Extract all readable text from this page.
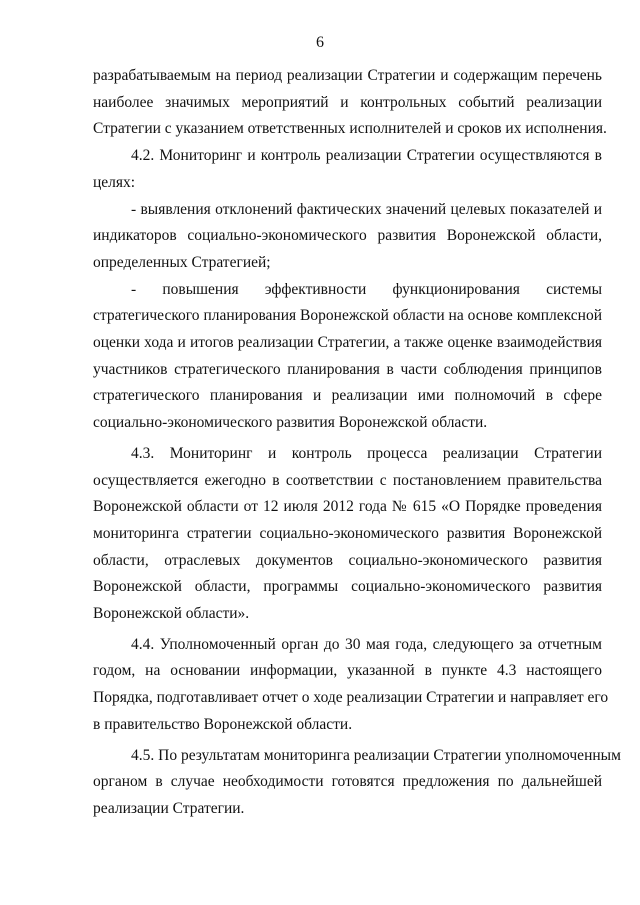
6

разрабатываемым на период реализации Стратегии и содержащим перечень
наиболее значимых мероприятий и контрольных событий реализации
Стратегии с указанием ответственных исполнителей и сроков их исполнения.

4.2. Мониторинг и контроль реализации Стратегии осуществляются в
целях:

- выявления отклонений фактических значений целевых показателей и
индикаторов социально-экономического развития Воронежской области,
определенных Стратегией;

- повышения эффективности функционирования системы
стратегического планирования Воронежской области на основе комплексной
оценки хода и итогов реализации Стратегии, а также оценке взаимодействия
участников стратегического планирования в части соблюдения принципов
стратегического планирования и реализации ими полномочий в сфере
социально-экономического развития Воронежской области.

4.3. Мониторинг и контроль процесса реализации Стратегии
осуществляется ежегодно в соответствии с постановлением правительства
Воронежской области от 12 июля 2012 года № 615 «О Порядке проведения
мониторинга стратегии социально-экономического развития Воронежской
области, отраслевых документов социально-экономического развития
Воронежской области, программы социально-экономического развития
Воронежской области».

4.4. Уполномоченный орган до 30 мая года, следующего за отчетным
годом, на основании информации, указанной в пункте 4.3 настоящего
Порядка, подготавливает отчет о ходе реализации Стратегии и направляет его
в правительство Воронежской области.

4.5. По результатам мониторинга реализации Стратегии уполномоченным
органом в случае необходимости готовятся предложения по дальнейшей
реализации Стратегии.
